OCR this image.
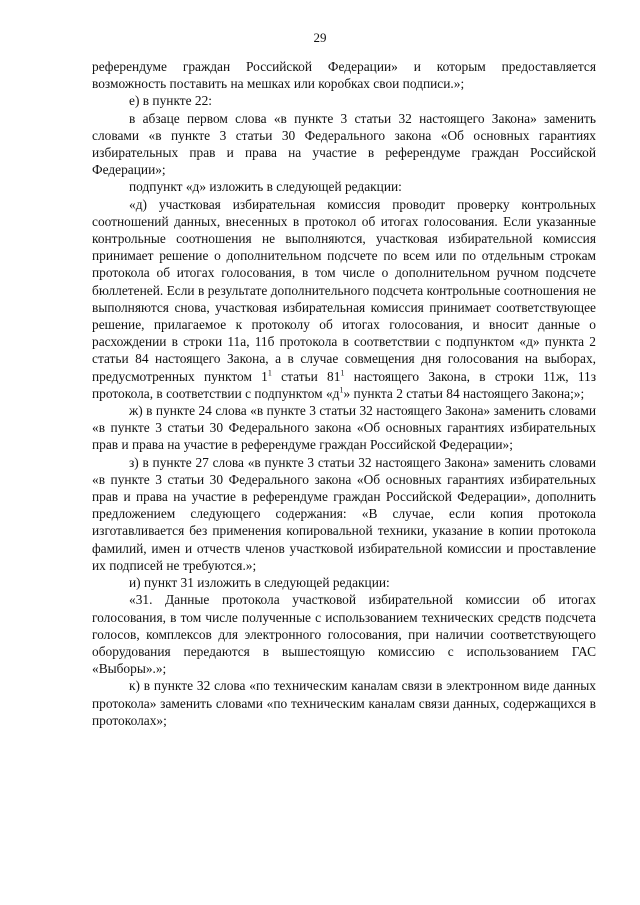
29

референдуме граждан Российской Федерации» и которым предоставляется возможность поставить на мешках или коробках свои подписи.»;

е) в пункте 22:

в абзаце первом слова «в пункте 3 статьи 32 настоящего Закона» заменить словами «в пункте 3 статьи 30 Федерального закона «Об основных гарантиях избирательных прав и права на участие в референдуме граждан Российской Федерации»;

подпункт «д» изложить в следующей редакции:

«д) участковая избирательная комиссия проводит проверку контрольных соотношений данных, внесенных в протокол об итогах голосования. Если указанные контрольные соотношения не выполняются, участковая избирательной комиссия принимает решение о дополнительном подсчете по всем или по отдельным строкам протокола об итогах голосования, в том числе о дополнительном ручном подсчете бюллетеней. Если в результате дополнительного подсчета контрольные соотношения не выполняются снова, участковая избирательная комиссия принимает соответствующее решение, прилагаемое к протоколу об итогах голосования, и вносит данные о расхождении в строки 11а, 11б протокола в соответствии с подпунктом «д» пункта 2 статьи 84 настоящего Закона, а в случае совмещения дня голосования на выборах, предусмотренных пунктом $1^1$ статьи $81^1$ настоящего Закона, в строки 11ж, 11з протокола, в соответствии с подпунктом «$д^1$» пункта 2 статьи 84 настоящего Закона;»;

ж) в пункте 24 слова «в пункте 3 статьи 32 настоящего Закона» заменить словами «в пункте 3 статьи 30 Федерального закона «Об основных гарантиях избирательных прав и права на участие в референдуме граждан Российской Федерации»;

з) в пункте 27 слова «в пункте 3 статьи 32 настоящего Закона» заменить словами «в пункте 3 статьи 30 Федерального закона «Об основных гарантиях избирательных прав и права на участие в референдуме граждан Российской Федерации», дополнить предложением следующего содержания: «В случае, если копия протокола изготавливается без применения копировальной техники, указание в копии протокола фамилий, имен и отчеств членов участковой избирательной комиссии и проставление их подписей не требуются.»;

и) пункт 31 изложить в следующей редакции:

«31. Данные протокола участковой избирательной комиссии об итогах голосования, в том числе полученные с использованием технических средств подсчета голосов, комплексов для электронного голосования, при наличии соответствующего оборудования передаются в вышестоящую комиссию с использованием ГАС «Выборы».»;

к) в пункте 32 слова «по техническим каналам связи в электронном виде данных протокола» заменить словами «по техническим каналам связи данных, содержащихся в протоколах»;
